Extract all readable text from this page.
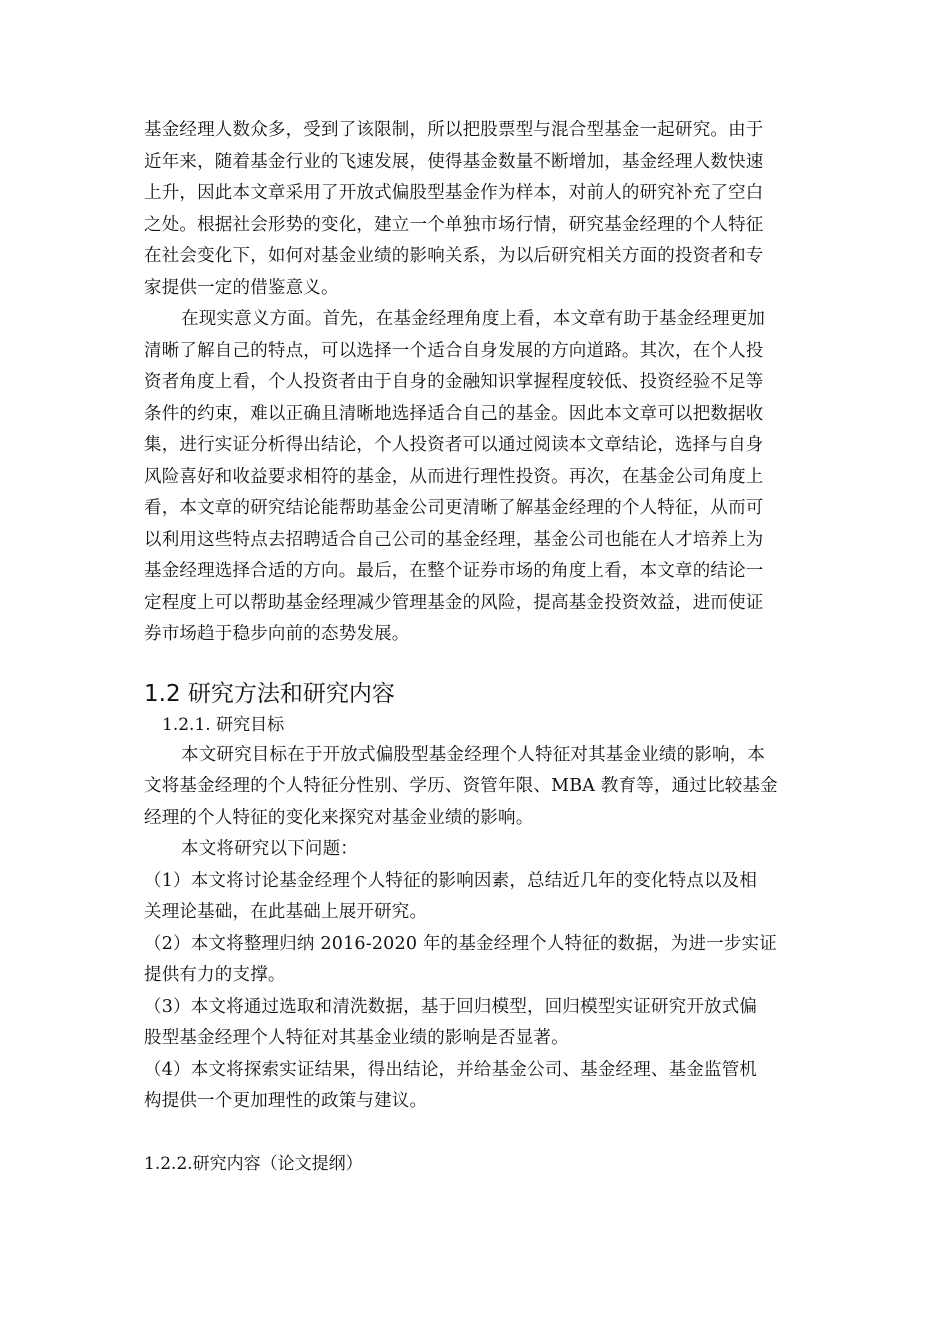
基金经理人数众多，受到了该限制，所以把股票型与混合型基金一起研究。由于
近年来，随着基金行业的飞速发展，使得基金数量不断增加，基金经理人数快速
上升，因此本文章采用了开放式偏股型基金作为样本，对前人的研究补充了空白
之处。根据社会形势的变化，建立一个单独市场行情，研究基金经理的个人特征
在社会变化下，如何对基金业绩的影响关系，为以后研究相关方面的投资者和专
家提供一定的借鉴意义。
在现实意义方面。首先，在基金经理角度上看，本文章有助于基金经理更加
清晰了解自己的特点，可以选择一个适合自身发展的方向道路。其次，在个人投
资者角度上看，个人投资者由于自身的金融知识掌握程度较低、投资经验不足等
条件的约束，难以正确且清晰地选择适合自己的基金。因此本文章可以把数据收
集，进行实证分析得出结论，个人投资者可以通过阅读本文章结论，选择与自身
风险喜好和收益要求相符的基金，从而进行理性投资。再次，在基金公司角度上
看，本文章的研究结论能帮助基金公司更清晰了解基金经理的个人特征，从而可
以利用这些特点去招聘适合自己公司的基金经理，基金公司也能在人才培养上为
基金经理选择合适的方向。最后，在整个证券市场的角度上看，本文章的结论一
定程度上可以帮助基金经理减少管理基金的风险，提高基金投资效益，进而使证
券市场趋于稳步向前的态势发展。
1.2 研究方法和研究内容
1.2.1. 研究目标
本文研究目标在于开放式偏股型基金经理个人特征对其基金业绩的影响，本
文将基金经理的个人特征分性别、学历、资管年限、MBA 教育等，通过比较基金
经理的个人特征的变化来探究对基金业绩的影响。
本文将研究以下问题：
（1）本文将讨论基金经理个人特征的影响因素，总结近几年的变化特点以及相
关理论基础，在此基础上展开研究。
（2）本文将整理归纳 2016-2020 年的基金经理个人特征的数据，为进一步实证
提供有力的支撑。
（3）本文将通过选取和清洗数据，基于回归模型，回归模型实证研究开放式偏
股型基金经理个人特征对其基金业绩的影响是否显著。
（4）本文将探索实证结果，得出结论，并给基金公司、基金经理、基金监管机
构提供一个更加理性的政策与建议。
1.2.2.研究内容（论文提纲）
